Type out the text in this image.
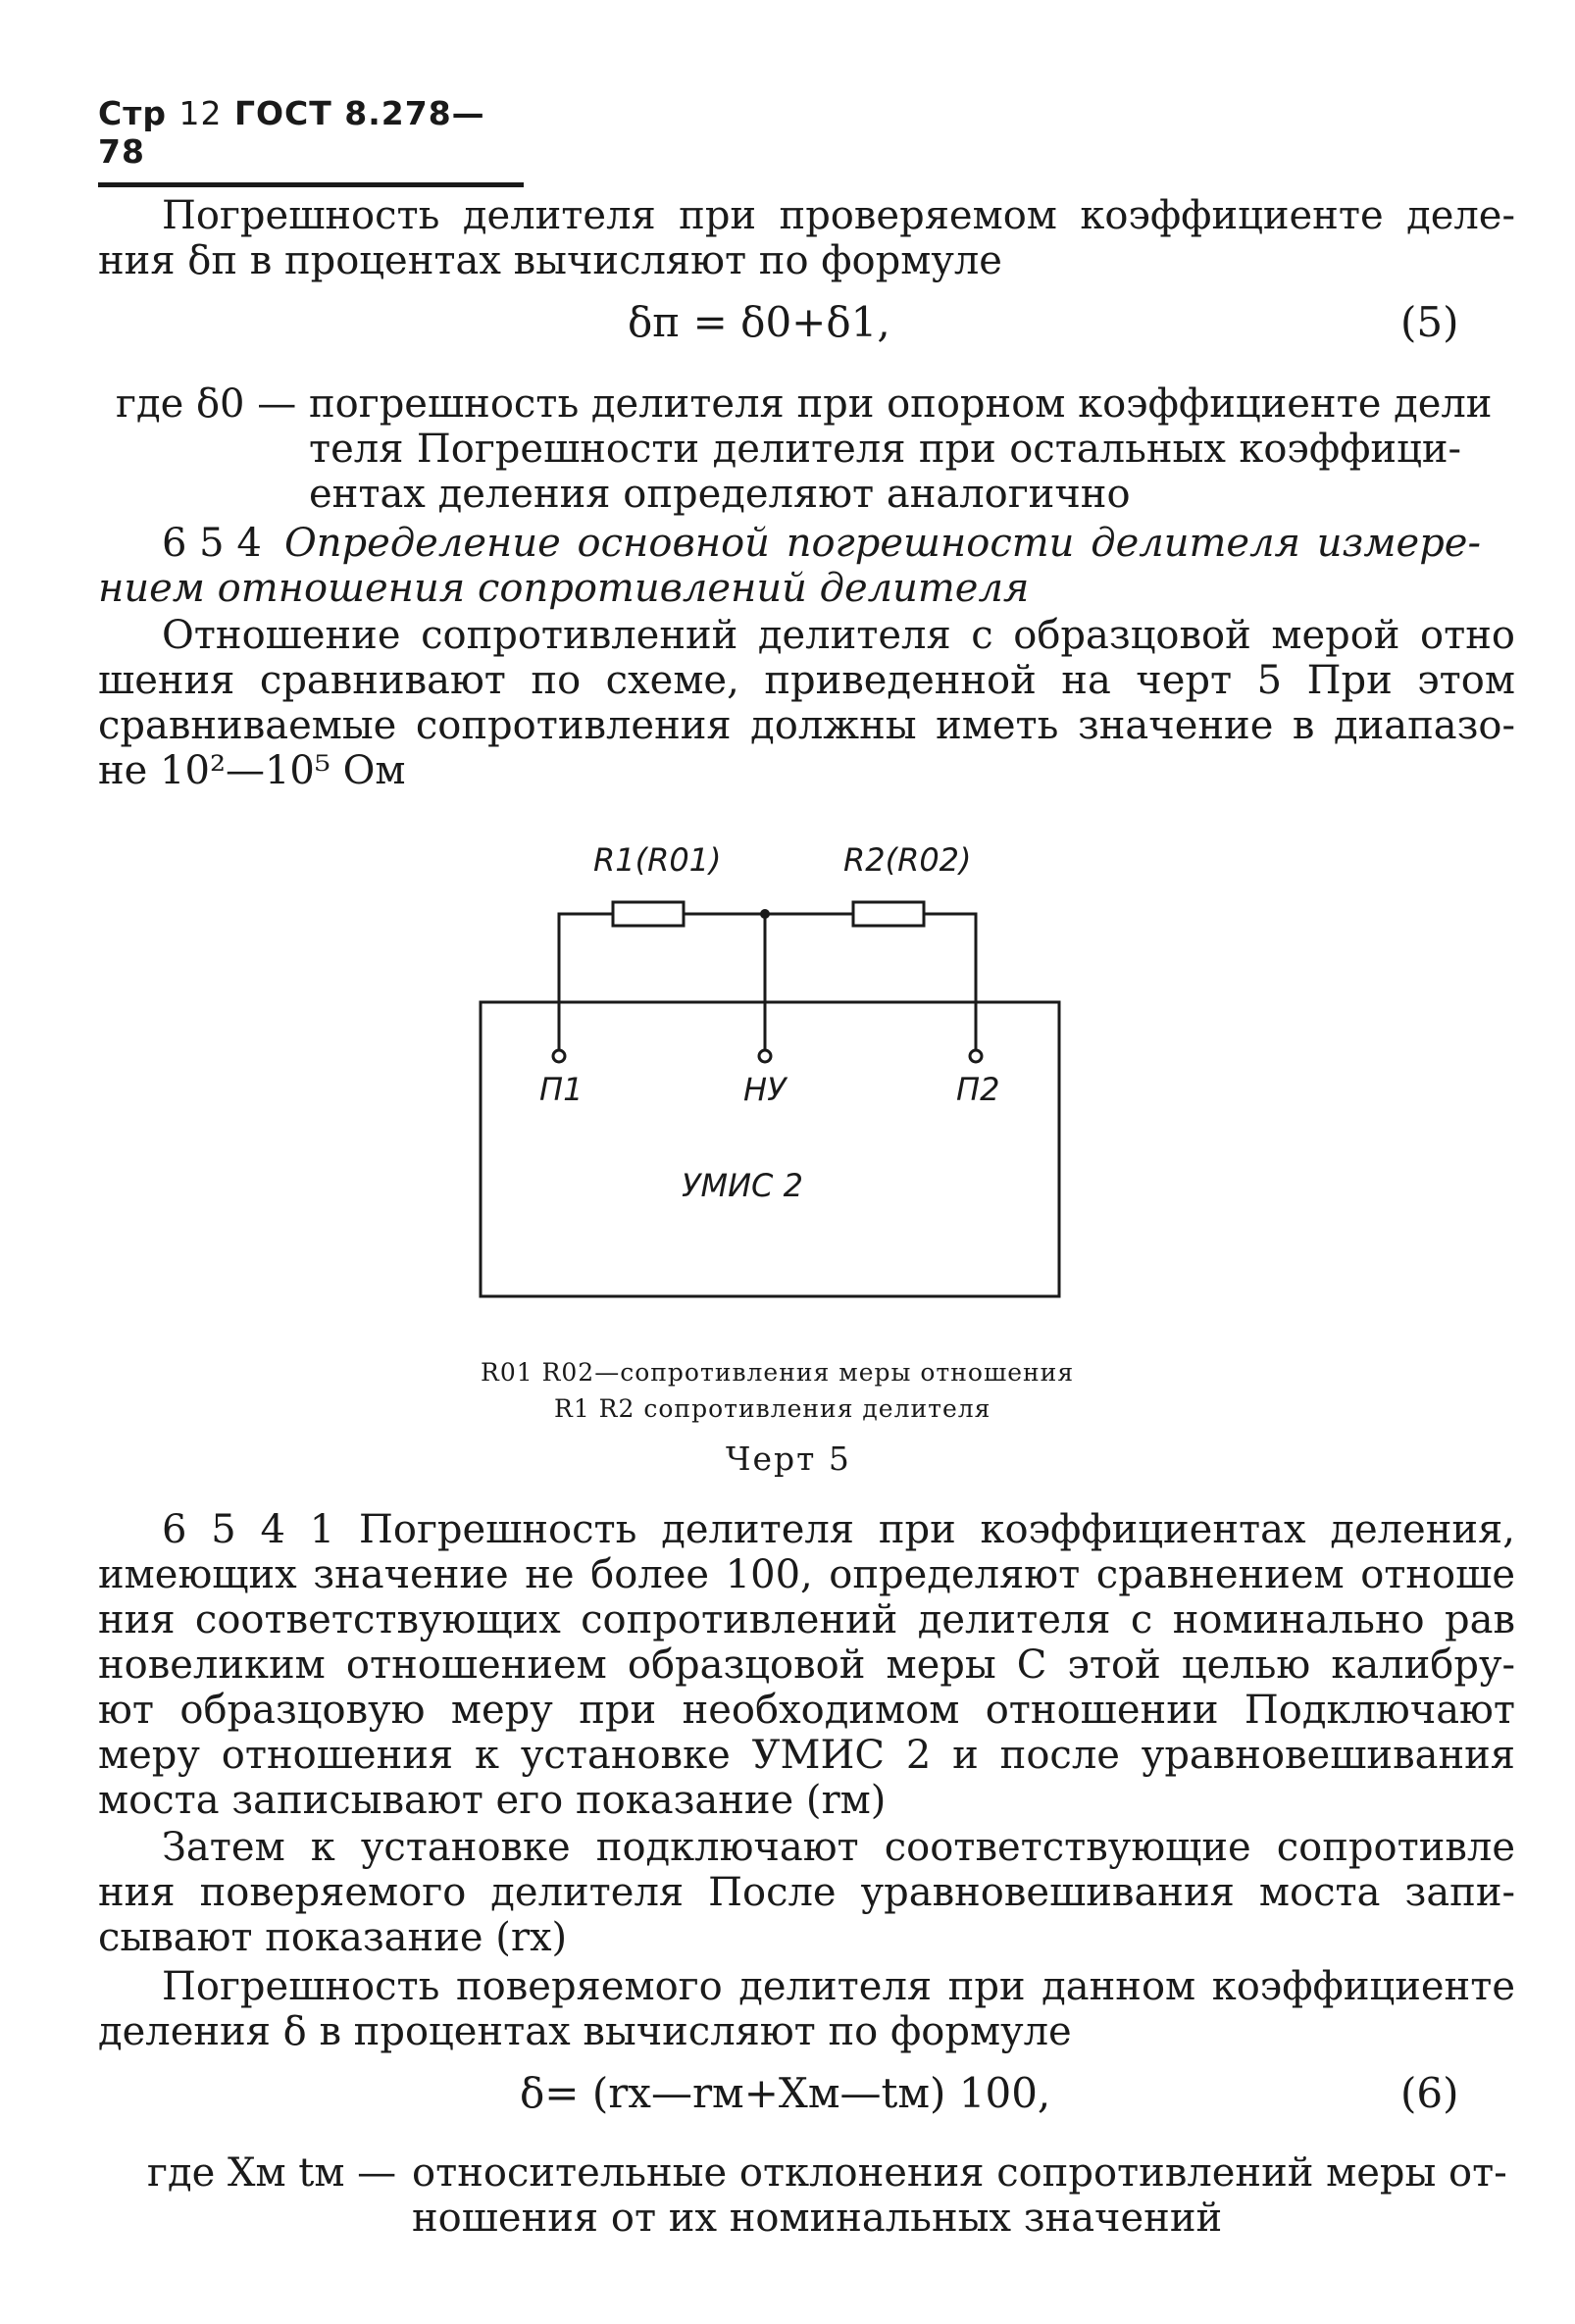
Стр 12 ГОСТ 8.278—78
Погрешность делителя при проверяемом коэффициенте деле-
ния δп в процентах вычисляют по формуле
δп = δ0+δ1,	(5)
где δ0 — погрешность делителя при опорном коэффициенте дели
теля Погрешности делителя при остальных коэффици-
ентах деления определяют аналогично
6 5 4 Определение основной погрешности делителя измере-
нием отношения сопротивлений делителя
Отношение сопротивлений делителя с образцовой мерой отно
шения сравнивают по схеме, приведенной на черт 5 При этом
сравниваемые сопротивления должны иметь значение в диапазо-
не 10²—10⁵ Ом
R1(R01)	R2(R02)
П1	НУ	П2
УМИС 2
R01 R02—сопротивления меры отношения
R1 R2 сопротивления делителя
Черт 5
6 5 4 1 Погрешность делителя при коэффициентах деления,
имеющих значение не более 100, определяют сравнением отноше
ния соответствующих сопротивлений делителя с номинально рав
новеликим отношением образцовой меры С этой целью калибру-
ют образцовую меру при необходимом отношении Подключают
меру отношения к установке УМИС 2 и после уравновешивания
моста записывают его показание (rм)
Затем к установке подключают соответствующие сопротивле
ния поверяемого делителя После уравновешивания моста запи-
сывают показание (rx)
Погрешность поверяемого делителя при данном коэффициенте
деления δ в процентах вычисляют по формуле
δ= (rx—rм+Xм—tм) 100,	(6)
где Xм tм — относительные отклонения сопротивлений меры от-
ношения от их номинальных значений
